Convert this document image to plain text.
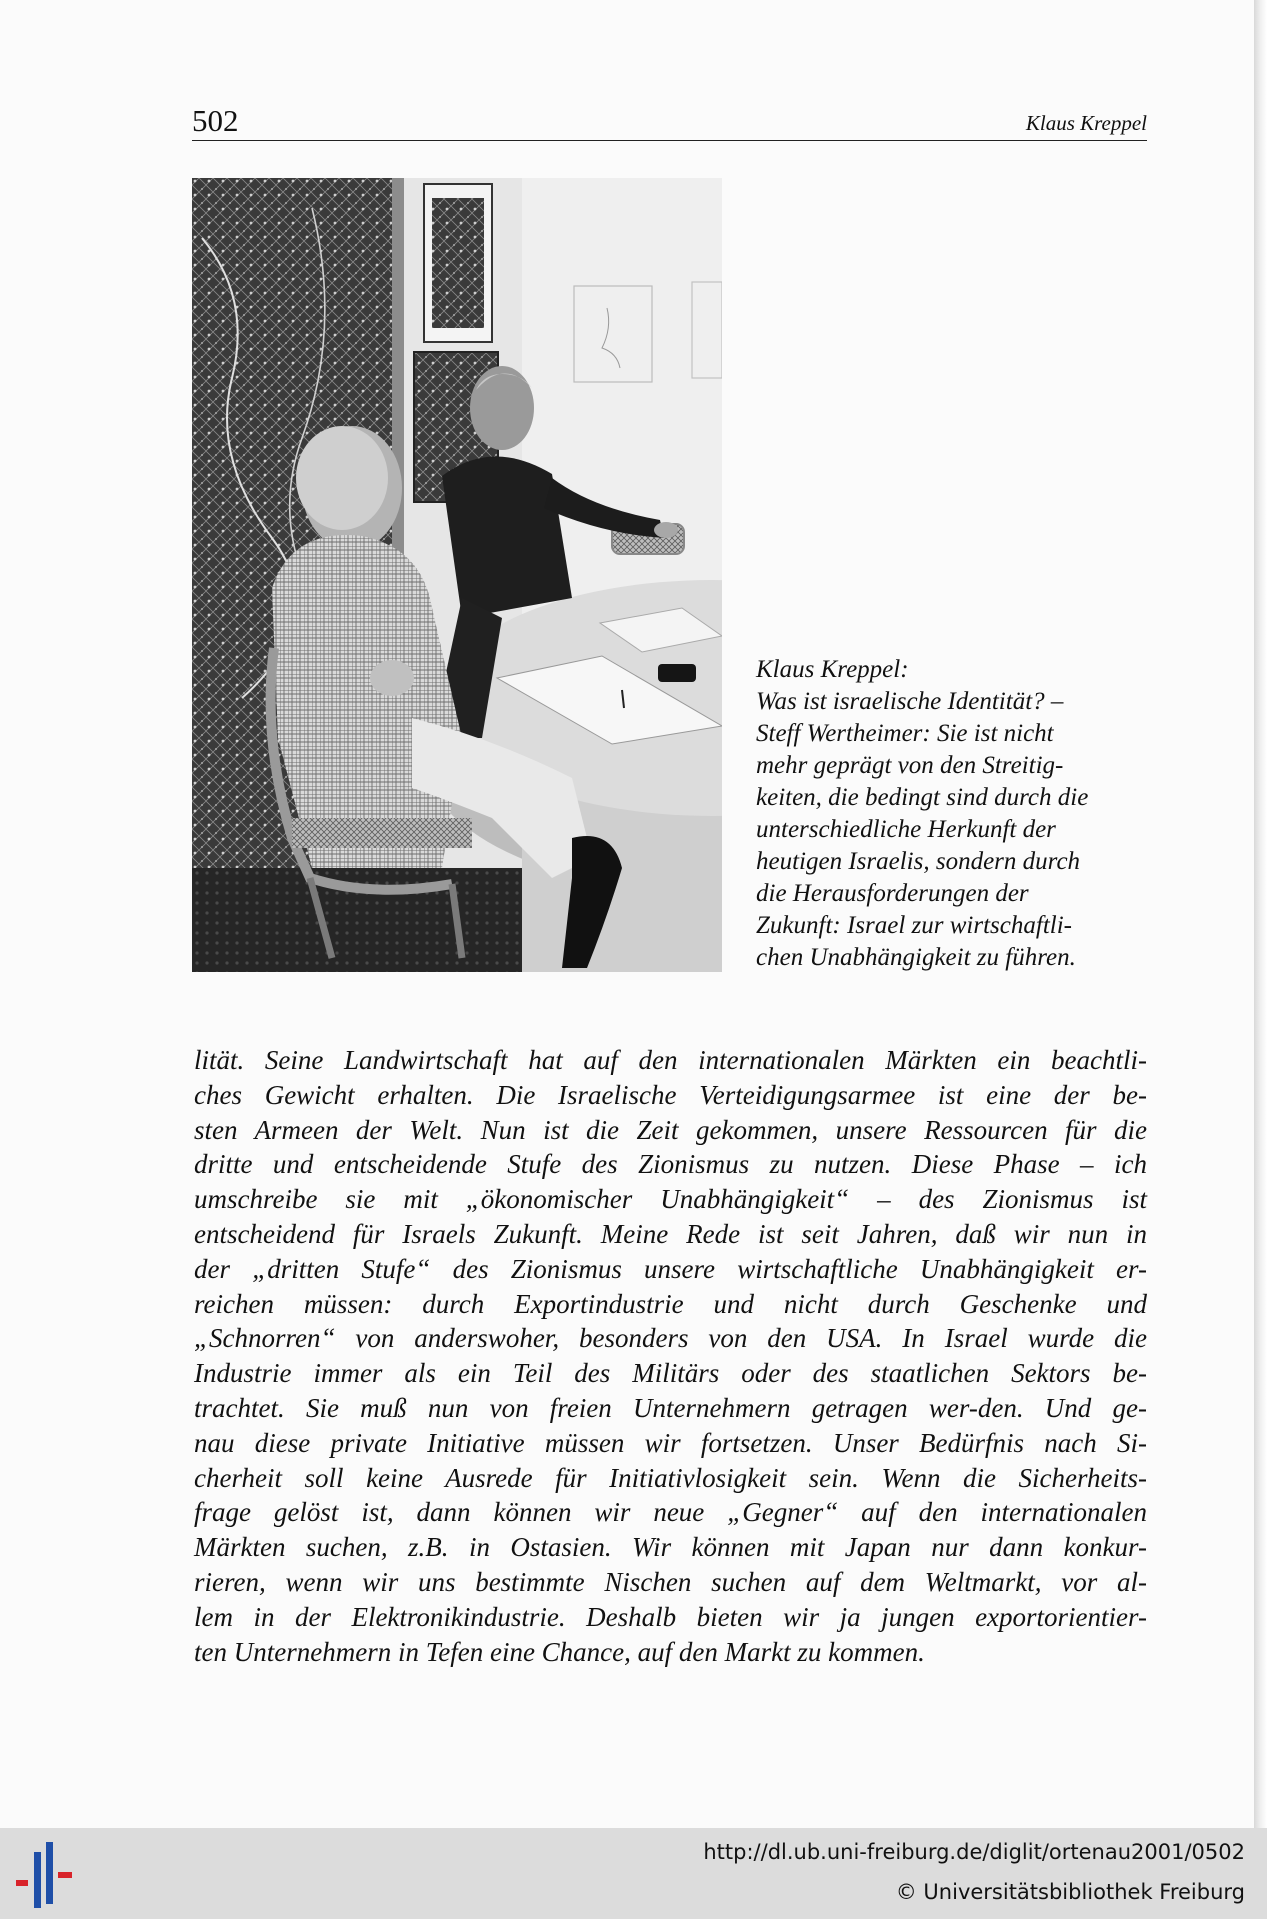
502	Klaus Kreppel
Klaus Kreppel:
Was ist israelische Identität? –
Steff Wertheimer: Sie ist nicht
mehr geprägt von den Streitig-
keiten, die bedingt sind durch die
unterschiedliche Herkunft der
heutigen Israelis, sondern durch
die Herausforderungen der
Zukunft: Israel zur wirtschaftli-
chen Unabhängigkeit zu führen.
lität. Seine Landwirtschaft hat auf den internationalen Märkten ein beachtli-
ches Gewicht erhalten. Die Israelische Verteidigungsarmee ist eine der be-
sten Armeen der Welt. Nun ist die Zeit gekommen, unsere Ressourcen für die
dritte und entscheidende Stufe des Zionismus zu nutzen. Diese Phase – ich
umschreibe sie mit „ökonomischer Unabhängigkeit“ – des Zionismus ist
entscheidend für Israels Zukunft. Meine Rede ist seit Jahren, daß wir nun in
der „dritten Stufe“ des Zionismus unsere wirtschaftliche Unabhängigkeit er-
reichen müssen: durch Exportindustrie und nicht durch Geschenke und
„Schnorren“ von anderswoher, besonders von den USA. In Israel wurde die
Industrie immer als ein Teil des Militärs oder des staatlichen Sektors be-
trachtet. Sie muß nun von freien Unternehmern getragen wer-den. Und ge-
nau diese private Initiative müssen wir fortsetzen. Unser Bedürfnis nach Si-
cherheit soll keine Ausrede für Initiativlosigkeit sein. Wenn die Sicherheits-
frage gelöst ist, dann können wir neue „Gegner“ auf den internationalen
Märkten suchen, z.B. in Ostasien. Wir können mit Japan nur dann konkur-
rieren, wenn wir uns bestimmte Nischen suchen auf dem Weltmarkt, vor al-
lem in der Elektronikindustrie. Deshalb bieten wir ja jungen exportorientier-
ten Unternehmern in Tefen eine Chance, auf den Markt zu kommen.
http://dl.ub.uni-freiburg.de/diglit/ortenau2001/0502
© Universitätsbibliothek Freiburg
